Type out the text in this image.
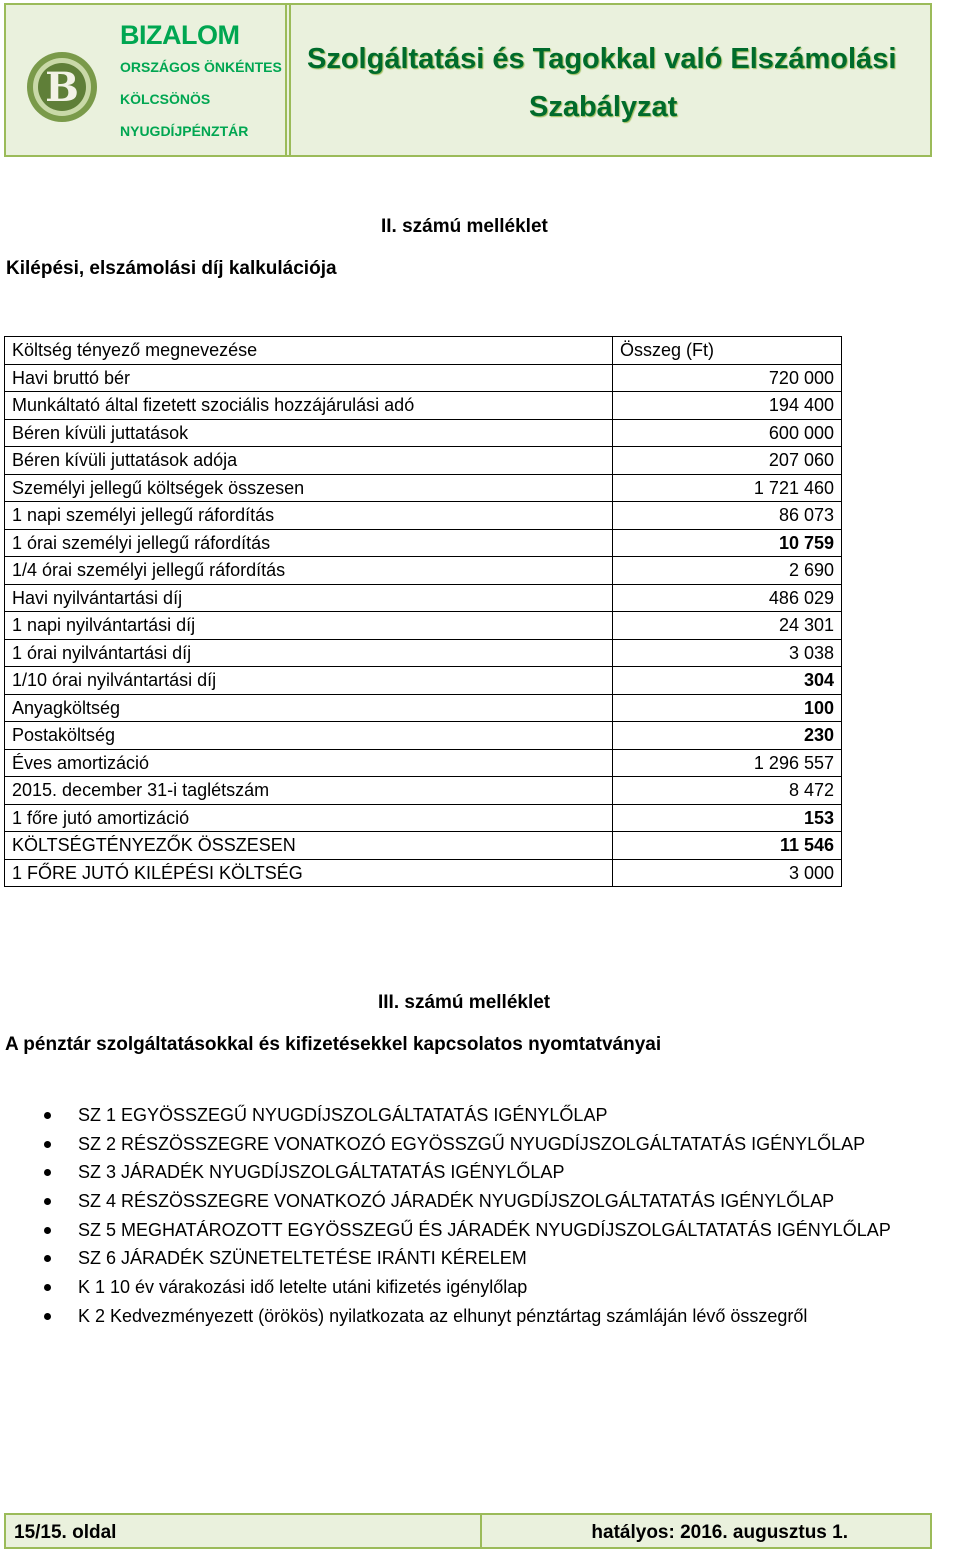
B
BIZALOM
ORSZÁGOS ÖNKÉNTES
KÖLCSÖNÖS
NYUGDÍJPÉNZTÁR
Szolgáltatási és Tagokkal való Elszámolási
Szabályzat
II. számú melléklet
Kilépési, elszámolási díj kalkulációja
Költség tényező megnevezése	Összeg (Ft)
Havi bruttó bér	720 000
Munkáltató által fizetett szociális hozzájárulási adó	194 400
Béren kívüli juttatások	600 000
Béren kívüli juttatások adója	207 060
Személyi jellegű költségek összesen	1 721 460
1 napi személyi jellegű ráfordítás	86 073
1 órai személyi jellegű ráfordítás	10 759
1/4 órai személyi jellegű ráfordítás	2 690
Havi nyilvántartási díj	486 029
1 napi nyilvántartási díj	24 301
1 órai nyilvántartási díj	3 038
1/10 órai nyilvántartási díj	304
Anyagköltség	100
Postaköltség	230
Éves amortizáció	1 296 557
2015. december 31-i taglétszám	8 472
1 főre jutó amortizáció	153
KÖLTSÉGTÉNYEZŐK ÖSSZESEN	11 546
1 FŐRE JUTÓ KILÉPÉSI KÖLTSÉG	3 000
III. számú melléklet
A pénztár szolgáltatásokkal és kifizetésekkel kapcsolatos nyomtatványai
SZ 1 EGYÖSSZEGŰ NYUGDÍJSZOLGÁLTATATÁS IGÉNYLŐLAP
SZ 2 RÉSZÖSSZEGRE VONATKOZÓ EGYÖSSZGŰ NYUGDÍJSZOLGÁLTATATÁS IGÉNYLŐLAP
SZ 3 JÁRADÉK NYUGDÍJSZOLGÁLTATATÁS IGÉNYLŐLAP
SZ 4 RÉSZÖSSZEGRE VONATKOZÓ JÁRADÉK NYUGDÍJSZOLGÁLTATATÁS IGÉNYLŐLAP
SZ 5 MEGHATÁROZOTT EGYÖSSZEGŰ ÉS JÁRADÉK NYUGDÍJSZOLGÁLTATATÁS IGÉNYLŐLAP
SZ 6 JÁRADÉK SZÜNETELTETÉSE IRÁNTI KÉRELEM
K 1 10 év várakozási idő letelte utáni kifizetés igénylőlap
K 2 Kedvezményezett (örökös) nyilatkozata az elhunyt pénztártag számláján lévő összegről
15/15. oldal	hatályos: 2016. augusztus 1.
